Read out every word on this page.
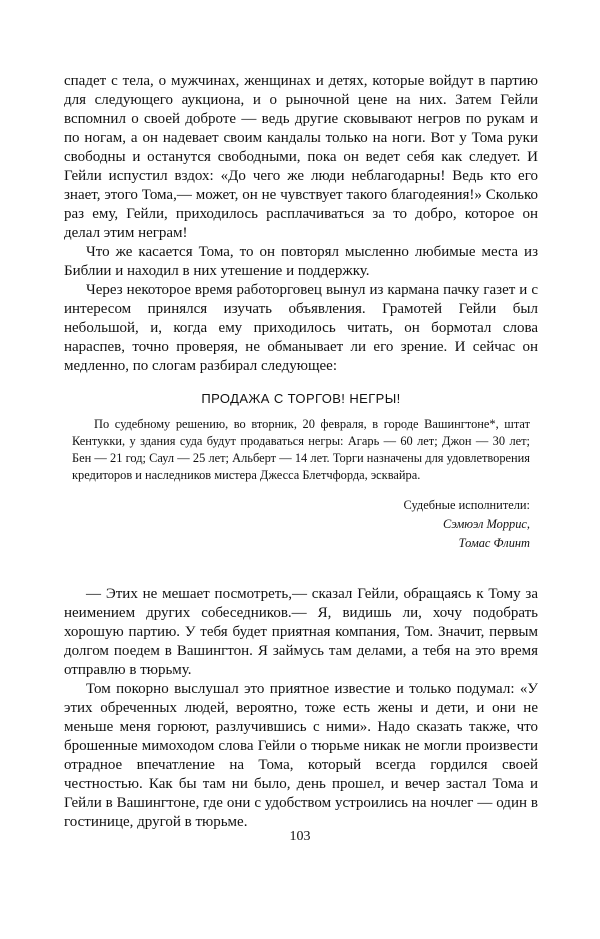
спадет с тела, о мужчинах, женщинах и детях, которые войдут в партию для следующего аукциона, и о рыночной цене на них. Затем Гейли вспомнил о своей доброте — ведь другие сковывают негров по рукам и по ногам, а он надевает своим кандалы только на ноги. Вот у Тома руки свободны и останутся свободными, пока он ведет себя как следует. И Гейли испустил вздох: «До чего же люди неблагодарны! Ведь кто его знает, этого Тома,— может, он не чувствует такого благодеяния!» Сколько раз ему, Гейли, приходилось расплачиваться за то добро, которое он делал этим неграм!

Что же касается Тома, то он повторял мысленно любимые места из Библии и находил в них утешение и поддержку.

Через некоторое время работорговец вынул из кармана пачку газет и с интересом принялся изучать объявления. Грамотей Гейли был небольшой, и, когда ему приходилось читать, он бормотал слова нараспев, точно проверяя, не обманывает ли его зрение. И сейчас он медленно, по слогам разбирал следующее:

ПРОДАЖА С ТОРГОВ! НЕГРЫ!

По судебному решению, во вторник, 20 февраля, в городе Вашингтоне*, штат Кентукки, у здания суда будут продаваться негры: Агарь — 60 лет; Джон — 30 лет; Бен — 21 год; Саул — 25 лет; Альберт — 14 лет. Торги назначены для удовлетворения кредиторов и наследников мистера Джесса Блетчфорда, эсквайра.

Судебные исполнители:
Сэмюэл Моррис,
Томас Флинт

— Этих не мешает посмотреть,— сказал Гейли, обращаясь к Тому за неимением других собеседников.— Я, видишь ли, хочу подобрать хорошую партию. У тебя будет приятная компания, Том. Значит, первым долгом поедем в Вашингтон. Я займусь там делами, а тебя на это время отправлю в тюрьму.

Том покорно выслушал это приятное известие и только подумал: «У этих обреченных людей, вероятно, тоже есть жены и дети, и они не меньше меня горюют, разлучившись с ними». Надо сказать также, что брошенные мимоходом слова Гейли о тюрьме никак не могли произвести отрадное впечатление на Тома, который всегда гордился своей честностью. Как бы там ни было, день прошел, и вечер застал Тома и Гейли в Вашингтоне, где они с удобством устроились на ночлег — один в гостинице, другой в тюрьме.

103
